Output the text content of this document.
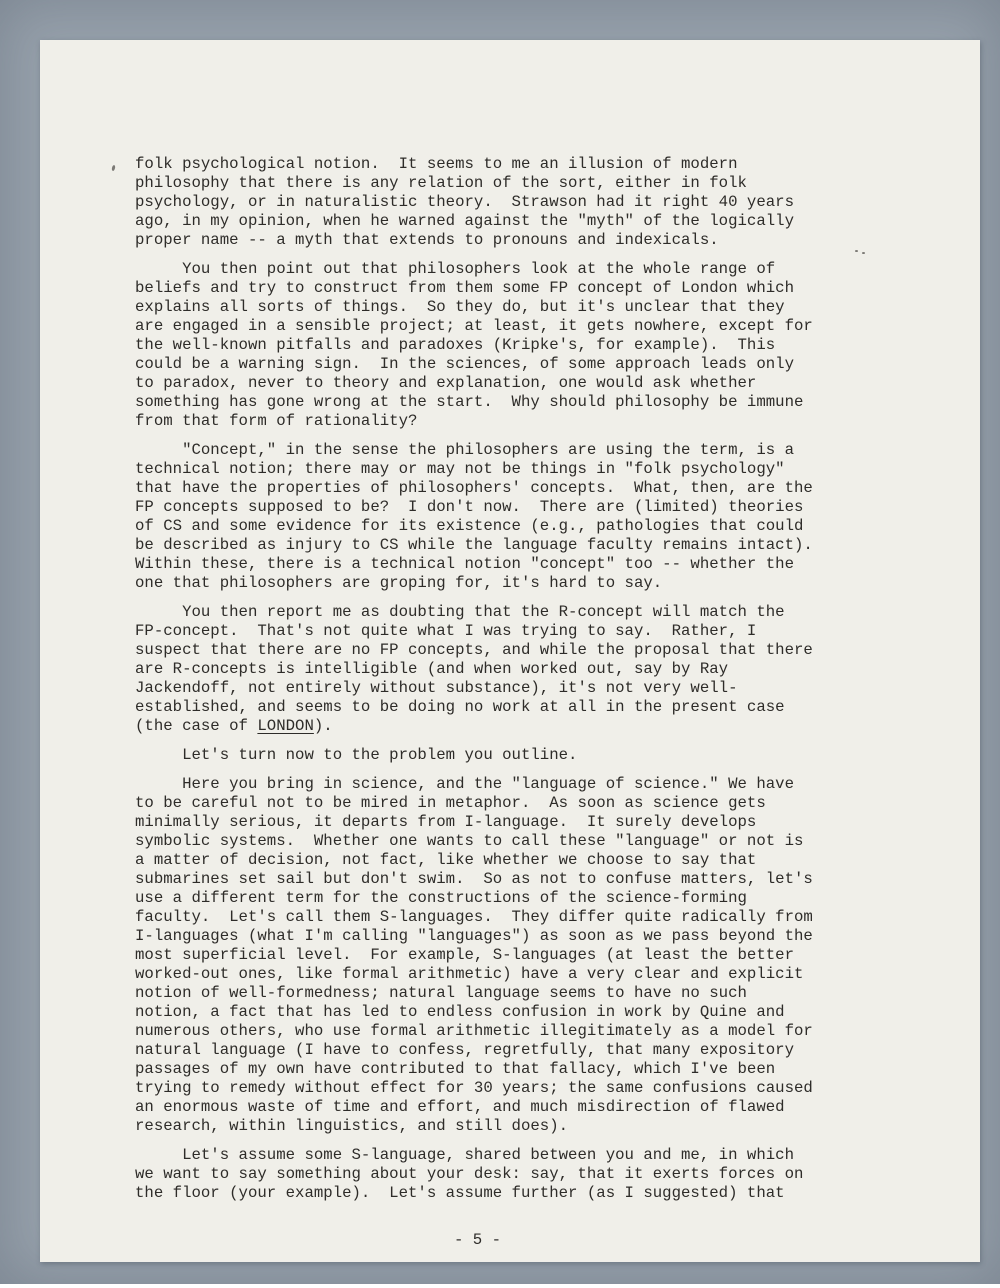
folk psychological notion.  It seems to me an illusion of modern
philosophy that there is any relation of the sort, either in folk
psychology, or in naturalistic theory.  Strawson had it right 40 years
ago, in my opinion, when he warned against the "myth" of the logically
proper name -- a myth that extends to pronouns and indexicals.
You then point out that philosophers look at the whole range of
beliefs and try to construct from them some FP concept of London which
explains all sorts of things.  So they do, but it's unclear that they
are engaged in a sensible project; at least, it gets nowhere, except for
the well-known pitfalls and paradoxes (Kripke's, for example).  This
could be a warning sign.  In the sciences, of some approach leads only
to paradox, never to theory and explanation, one would ask whether
something has gone wrong at the start.  Why should philosophy be immune
from that form of rationality?
"Concept," in the sense the philosophers are using the term, is a
technical notion; there may or may not be things in "folk psychology"
that have the properties of philosophers' concepts.  What, then, are the
FP concepts supposed to be?  I don't now.  There are (limited) theories
of CS and some evidence for its existence (e.g., pathologies that could
be described as injury to CS while the language faculty remains intact).
Within these, there is a technical notion "concept" too -- whether the
one that philosophers are groping for, it's hard to say.
You then report me as doubting that the R-concept will match the
FP-concept.  That's not quite what I was trying to say.  Rather, I
suspect that there are no FP concepts, and while the proposal that there
are R-concepts is intelligible (and when worked out, say by Ray
Jackendoff, not entirely without substance), it's not very well-
established, and seems to be doing no work at all in the present case
(the case of LONDON).
Let's turn now to the problem you outline.
Here you bring in science, and the "language of science." We have
to be careful not to be mired in metaphor.  As soon as science gets
minimally serious, it departs from I-language.  It surely develops
symbolic systems.  Whether one wants to call these "language" or not is
a matter of decision, not fact, like whether we choose to say that
submarines set sail but don't swim.  So as not to confuse matters, let's
use a different term for the constructions of the science-forming
faculty.  Let's call them S-languages.  They differ quite radically from
I-languages (what I'm calling "languages") as soon as we pass beyond the
most superficial level.  For example, S-languages (at least the better
worked-out ones, like formal arithmetic) have a very clear and explicit
notion of well-formedness; natural language seems to have no such
notion, a fact that has led to endless confusion in work by Quine and
numerous others, who use formal arithmetic illegitimately as a model for
natural language (I have to confess, regretfully, that many expository
passages of my own have contributed to that fallacy, which I've been
trying to remedy without effect for 30 years; the same confusions caused
an enormous waste of time and effort, and much misdirection of flawed
research, within linguistics, and still does).
Let's assume some S-language, shared between you and me, in which
we want to say something about your desk: say, that it exerts forces on
the floor (your example).  Let's assume further (as I suggested) that
- 5 -
